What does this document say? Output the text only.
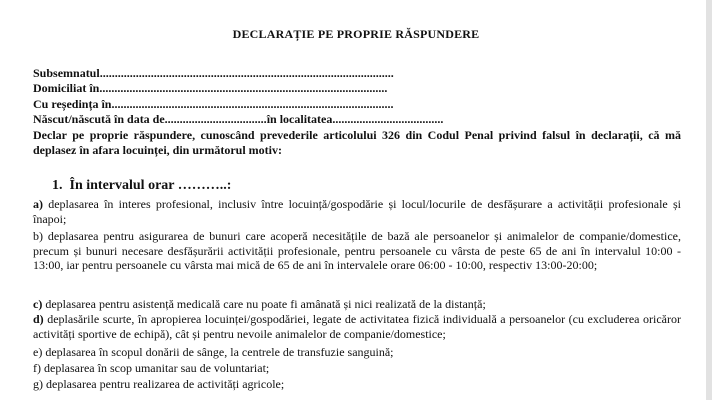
DECLARAȚIE PE PROPRIE RĂSPUNDERE
Subsemnatul..................................................................................................
Domiciliat în................................................................................................
Cu reședința în..............................................................................................
Născut/născută în data de..................................în localitatea.....................................
Declar pe proprie răspundere, cunoscând prevederile articolului 326 din Codul Penal privind falsul în declarații, că mă deplasez în afara locuinței, din următorul motiv:
1. În intervalul orar ………..:
a) deplasarea în interes profesional, inclusiv între locuință/gospodărie și locul/locurile de desfășurare a activității profesionale și înapoi;
b) deplasarea pentru asigurarea de bunuri care acoperă necesitățile de bază ale persoanelor și animalelor de companie/domestice, precum și bunuri necesare desfășurării activității profesionale, pentru persoanele cu vârsta de peste 65 de ani în intervalul 10:00 - 13:00, iar pentru persoanele cu vârsta mai mică de 65 de ani în intervalele orare 06:00 - 10:00, respectiv 13:00-20:00;
c) deplasarea pentru asistență medicală care nu poate fi amânată și nici realizată de la distanță;
d) deplasările scurte, în apropierea locuinței/gospodăriei, legate de activitatea fizică individuală a persoanelor (cu excluderea oricăror activități sportive de echipă), cât și pentru nevoile animalelor de companie/domestice;
e) deplasarea în scopul donării de sânge, la centrele de transfuzie sanguină;
f) deplasarea în scop umanitar sau de voluntariat;
g) deplasarea pentru realizarea de activități agricole;
